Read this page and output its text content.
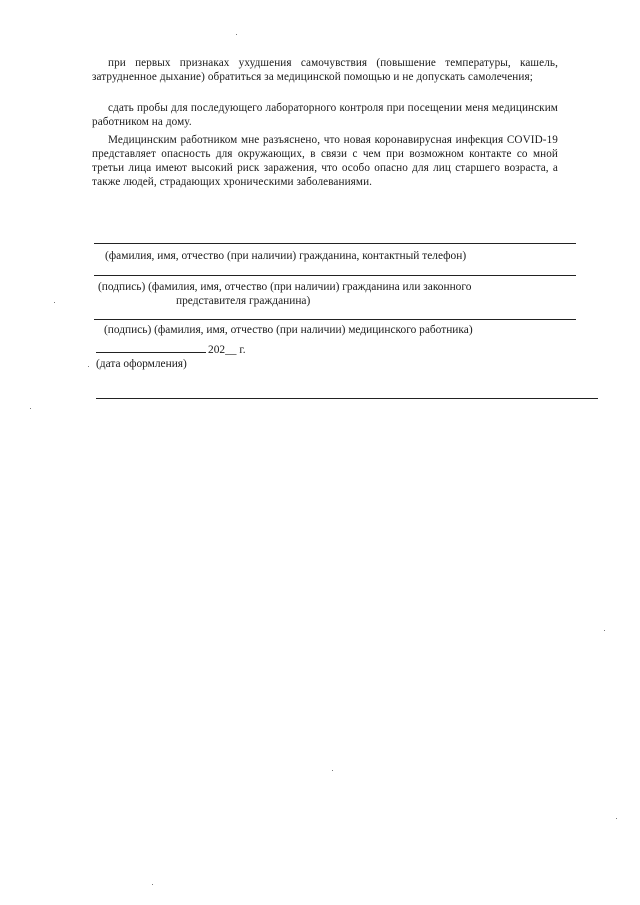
при первых признаках ухудшения самочувствия (повышение температуры, кашель, затрудненное дыхание) обратиться за медицинской помощью и не допускать самолечения;
сдать пробы для последующего лабораторного контроля при посещении меня медицинским работником на дому.
Медицинским работником мне разъяснено, что новая коронавирусная инфекция COVID-19 представляет опасность для окружающих, в связи с чем при возможном контакте со мной третьи лица имеют высокий риск заражения, что особо опасно для лиц старшего возраста, а также людей, страдающих хроническими заболеваниями.
(фамилия, имя, отчество (при наличии) гражданина, контактный телефон)
(подпись) (фамилия, имя, отчество (при наличии) гражданина или законного
представителя гражданина)
(подпись) (фамилия, имя, отчество (при наличии) медицинского работника)
202__ г.
(дата оформления)
